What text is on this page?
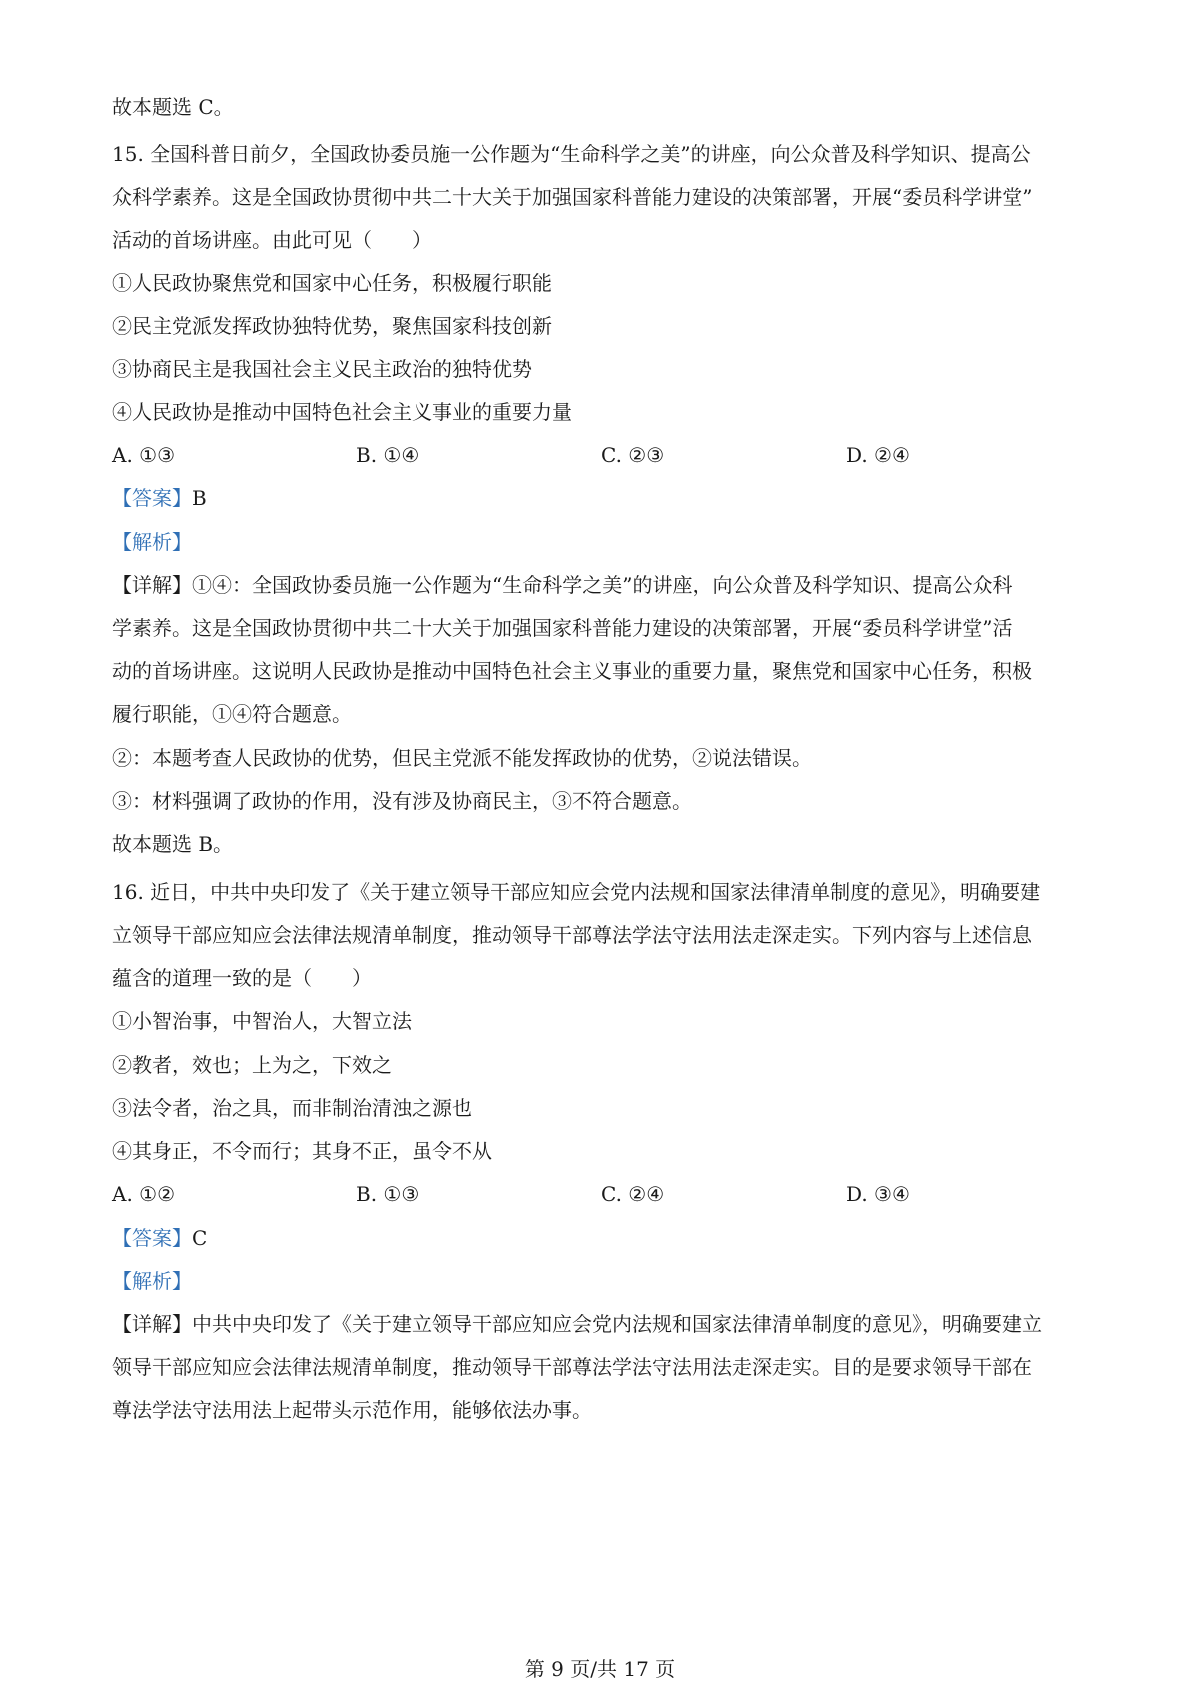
故本题选 C。
15. 全国科普日前夕，全国政协委员施一公作题为“生命科学之美”的讲座，向公众普及科学知识、提高公
众科学素养。这是全国政协贯彻中共二十大关于加强国家科普能力建设的决策部署，开展“委员科学讲堂”
活动的首场讲座。由此可见（　　）
①人民政协聚焦党和国家中心任务，积极履行职能
②民主党派发挥政协独特优势，聚焦国家科技创新
③协商民主是我国社会主义民主政治的独特优势
④人民政协是推动中国特色社会主义事业的重要力量
A. ①③	B. ①④	C. ②③	D. ②④
【答案】B
【解析】
【详解】①④：全国政协委员施一公作题为“生命科学之美”的讲座，向公众普及科学知识、提高公众科
学素养。这是全国政协贯彻中共二十大关于加强国家科普能力建设的决策部署，开展“委员科学讲堂”活
动的首场讲座。这说明人民政协是推动中国特色社会主义事业的重要力量，聚焦党和国家中心任务，积极
履行职能，①④符合题意。
②：本题考查人民政协的优势，但民主党派不能发挥政协的优势，②说法错误。
③：材料强调了政协的作用，没有涉及协商民主，③不符合题意。
故本题选 B。
16. 近日，中共中央印发了《关于建立领导干部应知应会党内法规和国家法律清单制度的意见》，明确要建
立领导干部应知应会法律法规清单制度，推动领导干部尊法学法守法用法走深走实。下列内容与上述信息
蕴含的道理一致的是（　　）
①小智治事，中智治人，大智立法
②教者，效也；上为之，下效之
③法令者，治之具，而非制治清浊之源也
④其身正，不令而行；其身不正，虽令不从
A. ①②	B. ①③	C. ②④	D. ③④
【答案】C
【解析】
【详解】中共中央印发了《关于建立领导干部应知应会党内法规和国家法律清单制度的意见》，明确要建立
领导干部应知应会法律法规清单制度，推动领导干部尊法学法守法用法走深走实。目的是要求领导干部在
尊法学法守法用法上起带头示范作用，能够依法办事。
第 9 页/共 17 页
